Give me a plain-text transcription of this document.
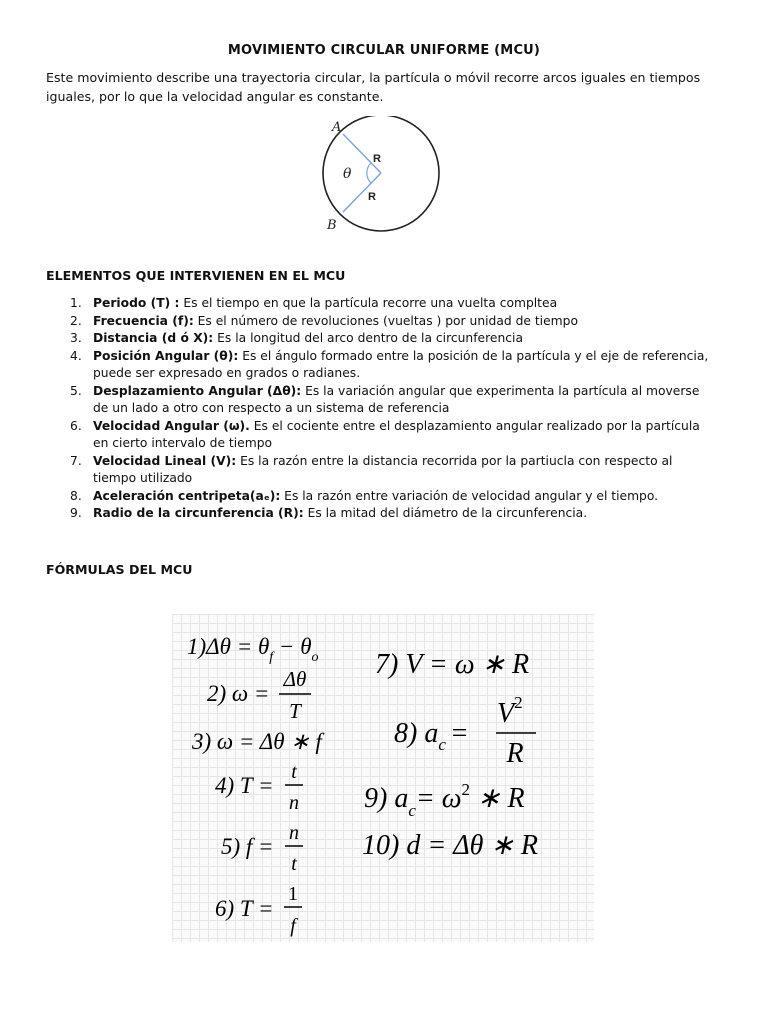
MOVIMIENTO CIRCULAR UNIFORME (MCU)
Este movimiento describe una trayectoria circular, la partícula o móvil recorre arcos iguales en tiempos iguales, por lo que la velocidad angular es constante.
A
B
θ
R
R
ELEMENTOS QUE INTERVIENEN EN EL MCU
1. Periodo (T) : Es el tiempo en que la partícula recorre una vuelta compltea
2. Frecuencia (f): Es el número de revoluciones (vueltas ) por unidad de tiempo
3. Distancia (d ó X): Es la longitud del arco dentro de la circunferencia
4. Posición Angular (θ): Es el ángulo formado entre la posición de la partícula y el eje de referencia, puede ser expresado en grados o radianes.
5. Desplazamiento Angular (Δθ): Es la variación angular que experimenta la partícula al moverse de un lado a otro con respecto a un sistema de referencia
6. Velocidad Angular (ω). Es el cociente entre el desplazamiento angular realizado por la partícula en cierto intervalo de tiempo
7. Velocidad Lineal (V): Es la razón entre la distancia recorrida por la partiucla con respecto al tiempo utilizado
8. Aceleración centripeta(aₑ): Es la razón entre variación de velocidad angular y el tiempo.
9. Radio de la circunferencia (R): Es la mitad del diámetro de la circunferencia.
FÓRMULAS DEL MCU
$1)\Delta\theta = \theta_f - \theta_o$
2) ω =
Δθ
T
3) ω = Δθ ∗ f
4) T =
t
n
5) f =
n
t
6) T =
1
f
7) V = ω ∗ R
8) $a_c$ =
$V^2$
R
9) $a_c= \omega^2$ ∗ R
10) d = Δθ ∗ R
